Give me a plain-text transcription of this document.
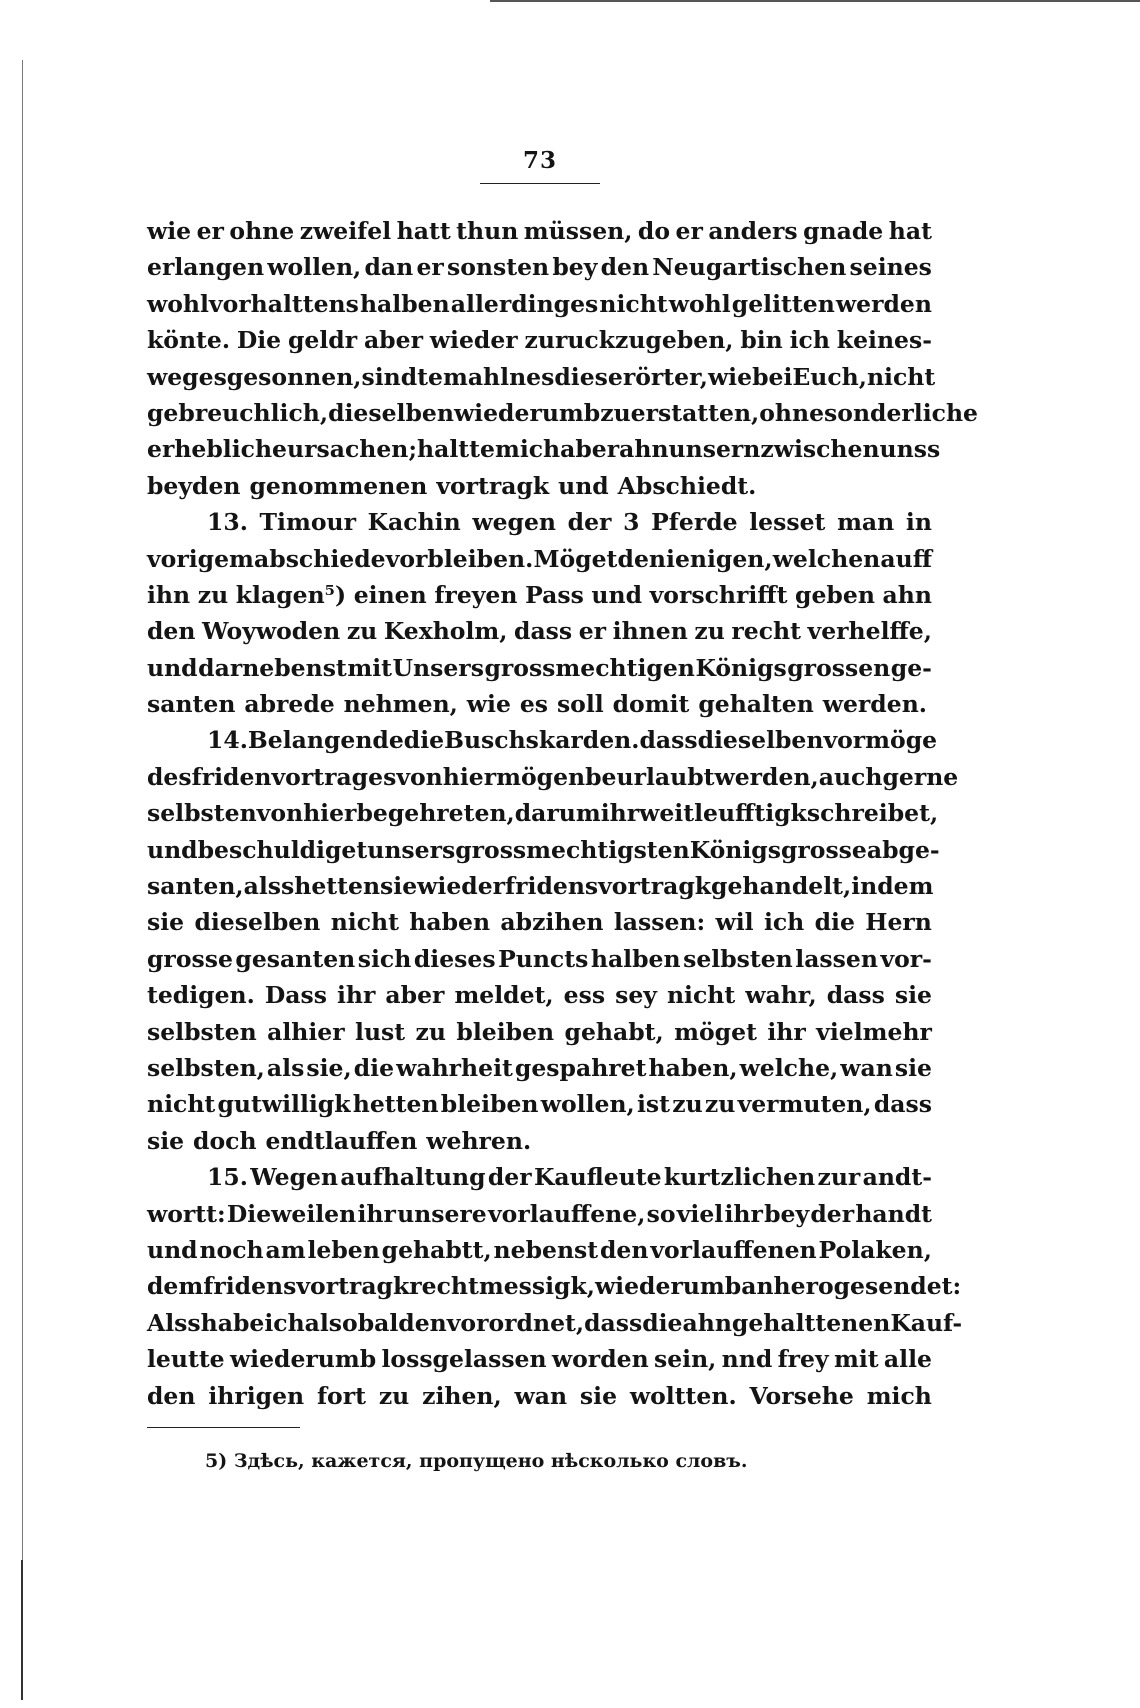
73
wie er ohne zweifel hatt thun müssen, do er anders gnade hat
erlangen wollen, dan er sonsten bey den Neugartischen seines
wohlvorhalttens halben allerdinges nicht wohl gelitten werden
könte. Die geldr aber wieder zuruckzugeben, bin ich keines-
weges gesonnen, sindtemahln es dieser örter, wie bei Euch, nicht
gebreuchlich, dieselben wiederumb zu erstatten, ohne sonderliche
erhebliche ursachen; haltte mich aber ahn unsern zwischen unss
beyden genommenen vortragk und Abschiedt.
13. Timour Kachin wegen der 3 Pferde lesset man in
vorigem abschiede vorbleiben. Möget denienigen, welchen auff
ihn zu klagen⁵) einen freyen Pass und vorschrifft geben ahn
den Woywoden zu Kexholm, dass er ihnen zu recht verhelffe,
und darnebenst mit Unsers grossmechtigen Königs grossen ge-
santen abrede nehmen, wie es soll domit gehalten werden.
14. Belangende die Buschskarden. dass dieselben vormöge
des fridenvortrages von hier mögen beurlaubt werden, auch gerne
selbsten von hier begehreten, darum ihr weitleufftigk schreibet,
und beschuldiget unsers grossmechtigsten Königs grosse abge-
santen, alss hetten sie wieder fridensvortragk gehandelt, indem
sie dieselben nicht haben abzihen lassen: wil ich die Hern
grosse gesanten sich dieses Puncts halben selbsten lassen vor-
tedigen. Dass ihr aber meldet, ess sey nicht wahr, dass sie
selbsten alhier lust zu bleiben gehabt, möget ihr vielmehr
selbsten, als sie, die wahrheit gespahret haben, welche, wan sie
nicht gutwilligk hetten bleiben wollen, ist zu zu vermuten, dass
sie doch endtlauffen wehren.
15. Wegen aufhaltung der Kaufleute kurtzlichen zur andt-
wortt: Dieweilen ihr unsere vorlauffene, so viel ihr bey der handt
und noch am leben gehabtt, nebenst den vorlauffenen Polaken,
dem fridensvortragk rechtmessigk, wiederumb anhero gesendet:
Alss habe ich alsobalden vorordnet, dass die ahngehalttenen Kauf-
leutte wiederumb lossgelassen worden sein, nnd frey mit alle
den ihrigen fort zu zihen, wan sie woltten. Vorsehe mich
5) Здѣсь, кажется, пропущено нѣсколько словъ.
